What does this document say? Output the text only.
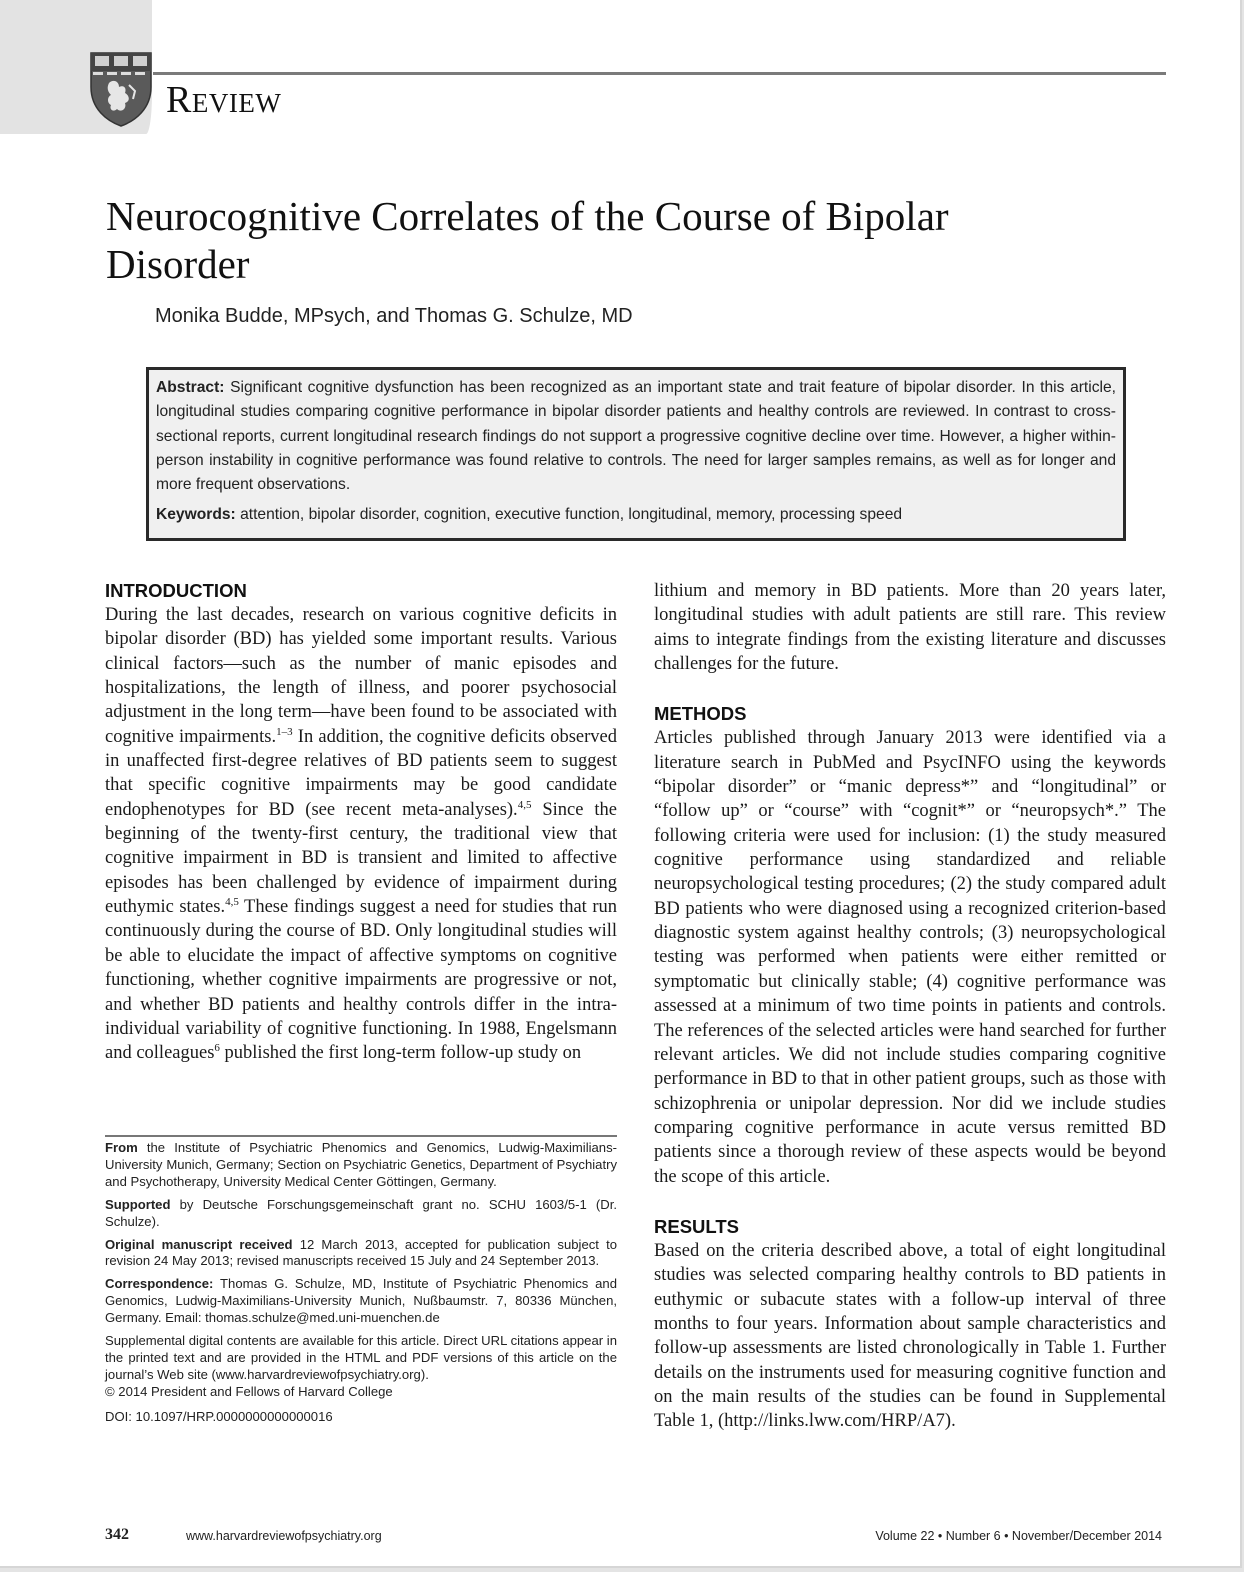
Review
Neurocognitive Correlates of the Course of Bipolar Disorder
Monika Budde, MPsych, and Thomas G. Schulze, MD

Abstract: Significant cognitive dysfunction has been recognized as an important state and trait feature of bipolar disorder. In this article, longitudinal studies comparing cognitive performance in bipolar disorder patients and healthy controls are reviewed. In contrast to cross-sectional reports, current longitudinal research findings do not support a progressive cognitive decline over time. However, a higher within-person instability in cognitive performance was found relative to controls. The need for larger samples remains, as well as for longer and more frequent observations.

Keywords: attention, bipolar disorder, cognition, executive function, longitudinal, memory, processing speed

INTRODUCTION

During the last decades, research on various cognitive deficits in bipolar disorder (BD) has yielded some important results. Various clinical factors—such as the number of manic episodes and hospitalizations, the length of illness, and poorer psychosocial adjustment in the long term—have been found to be associated with cognitive impairments.$^{1-3}$ In addition, the cognitive deficits observed in unaffected first-degree relatives of BD patients seem to suggest that specific cognitive impairments may be good candidate endophenotypes for BD (see recent meta-analyses).$^{4,5}$ Since the beginning of the twenty-first century, the traditional view that cognitive impairment in BD is transient and limited to affective episodes has been challenged by evidence of impairment during euthymic states.$^{4,5}$ These findings suggest a need for studies that run continuously during the course of BD. Only longitudinal studies will be able to elucidate the impact of affective symptoms on cognitive functioning, whether cognitive impairments are progressive or not, and whether BD patients and healthy controls differ in the intra-individual variability of cognitive functioning. In 1988, Engelsmann and colleagues$^6$ published the first long-term follow-up study on

From the Institute of Psychiatric Phenomics and Genomics, Ludwig-Maximilians-University Munich, Germany; Section on Psychiatric Genetics, Department of Psychiatry and Psychotherapy, University Medical Center Göttingen, Germany.

Supported by Deutsche Forschungsgemeinschaft grant no. SCHU 1603/5-1 (Dr. Schulze).

Original manuscript received 12 March 2013, accepted for publication subject to revision 24 May 2013; revised manuscripts received 15 July and 24 September 2013.

Correspondence: Thomas G. Schulze, MD, Institute of Psychiatric Phenomics and Genomics, Ludwig-Maximilians-University Munich, Nußbaumstr. 7, 80336 München, Germany. Email: thomas.schulze@med.uni-muenchen.de

Supplemental digital contents are available for this article. Direct URL citations appear in the printed text and are provided in the HTML and PDF versions of this article on the journal’s Web site (www.harvardreviewofpsychiatry.org).

© 2014 President and Fellows of Harvard College

DOI: 10.1097/HRP.0000000000000016

lithium and memory in BD patients. More than 20 years later, longitudinal studies with adult patients are still rare. This review aims to integrate findings from the existing literature and discusses challenges for the future.

METHODS

Articles published through January 2013 were identified via a literature search in PubMed and PsycINFO using the keywords “bipolar disorder” or “manic depress*” and “longitudinal” or “follow up” or “course” with “cognit*” or “neuropsych*.” The following criteria were used for inclusion: (1) the study measured cognitive performance using standardized and reliable neuropsychological testing procedures; (2) the study compared adult BD patients who were diagnosed using a recognized criterion-based diagnostic system against healthy controls; (3) neuropsychological testing was performed when patients were either remitted or symptomatic but clinically stable; (4) cognitive performance was assessed at a minimum of two time points in patients and controls. The references of the selected articles were hand searched for further relevant articles. We did not include studies comparing cognitive performance in BD to that in other patient groups, such as those with schizophrenia or unipolar depression. Nor did we include studies comparing cognitive performance in acute versus remitted BD patients since a thorough review of these aspects would be beyond the scope of this article.

RESULTS

Based on the criteria described above, a total of eight longitudinal studies was selected comparing healthy controls to BD patients in euthymic or subacute states with a follow-up interval of three months to four years. Information about sample characteristics and follow-up assessments are listed chronologically in Table 1. Further details on the instruments used for measuring cognitive function and on the main results of the studies can be found in Supplemental Table 1, (http://links.lww.com/HRP/A7).

342	www.harvardreviewofpsychiatry.org	Volume 22 • Number 6 • November/December 2014
